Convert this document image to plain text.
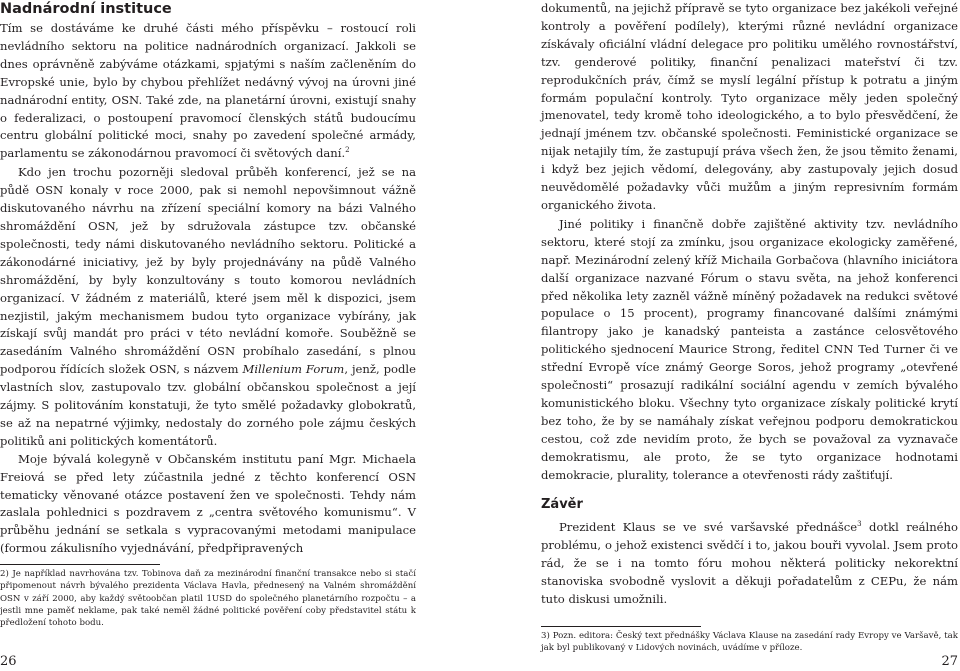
Nadnárodní instituce

Tím se dostáváme ke druhé části mého příspěvku – rostoucí roli nevládního sektoru na politice nadnárodních organizací. Jakkoli se dnes oprávněně zabýváme otázkami, spjatými s naším začleněním do Evropské unie, bylo by chybou přehlížet nedávný vývoj na úrovni jiné nadnárodní entity, OSN. Také zde, na planetární úrovni, existují snahy o federalizaci, o postoupení pravomocí členských států budoucímu centru globální politické moci, snahy po zavedení společné armády, parlamentu se zákonodárnou pravomocí či světových daní.$^2$

Kdo jen trochu pozorněji sledoval průběh konferencí, jež se na půdě OSN konaly v roce 2000, pak si nemohl nepovšimnout vážně diskutovaného návrhu na zřízení speciální komory na bázi Valného shromáždění OSN, jež by sdružovala zástupce tzv. občanské společnosti, tedy námi diskutovaného nevládního sektoru. Politické a zákonodárné iniciativy, jež by byly projednávány na půdě Valného shromáždění, by byly konzultovány s touto komorou nevládních organizací. V žádném z materiálů, které jsem měl k dispozici, jsem nezjistil, jakým mechanismem budou tyto organizace vybírány, jak získají svůj mandát pro práci v této nevládní komoře. Souběžně se zasedáním Valného shromáždění OSN probíhalo zasedání, s plnou podporou řídících složek OSN, s názvem Millenium Forum, jenž, podle vlastních slov, zastupovalo tzv. globální občanskou společnost a její zájmy. S politováním konstatuji, že tyto smělé požadavky globokratů, se až na nepatrné výjimky, nedostaly do zorného pole zájmu českých politiků ani politických komentátorů.

Moje bývalá kolegyně v Občanském institutu paní Mgr. Michaela Freiová se před lety zúčastnila jedné z těchto konferencí OSN tematicky věnované otázce postavení žen ve společnosti. Tehdy nám zaslala pohlednici s pozdravem z „centra světového komunismu“. V průběhu jednání se setkala s vypracovanými metodami manipulace (formou zákulisního vyjednávání, předpřipravených

2) Je například navrhována tzv. Tobinova daň za mezinárodní finanční transakce nebo si stačí připomenout návrh bývalého prezidenta Václava Havla, přednesený na Valném shromáždění OSN v září 2000, aby každý světoobčan platil 1USD do společného planetárního rozpočtu – a jestli mne paměť neklame, pak také neměl žádné politické pověření coby představitel státu k předložení tohoto bodu.

dokumentů, na jejichž přípravě se tyto organizace bez jakékoli veřejné kontroly a pověření podílely), kterými různé nevládní organizace získávaly oficiální vládní delegace pro politiku umělého rovnostářství, tzv. genderové politiky, finanční penalizaci mateřství či tzv. reprodukčních práv, čímž se myslí legální přístup k potratu a jiným formám populační kontroly. Tyto organizace měly jeden společný jmenovatel, tedy kromě toho ideologického, a to bylo přesvědčení, že jednají jménem tzv. občanské společnosti. Feministické organizace se nijak netajily tím, že zastupují práva všech žen, že jsou těmito ženami, i když bez jejich vědomí, delegovány, aby zastupovaly jejich dosud neuvědomělé požadavky vůči mužům a jiným represivním formám organického života.

Jiné politiky i finančně dobře zajištěné aktivity tzv. nevládního sektoru, které stojí za zmínku, jsou organizace ekologicky zaměřené, např. Mezinárodní zelený kříž Michaila Gorbačova (hlavního iniciátora další organizace nazvané Fórum o stavu světa, na jehož konferenci před několika lety zazněl vážně míněný požadavek na redukci světové populace o 15 procent), programy financované dalšími známými filantropy jako je kanadský panteista a zastánce celosvětového politického sjednocení Maurice Strong, ředitel CNN Ted Turner či ve střední Evropě více známý George Soros, jehož programy „otevřené společnosti“ prosazují radikální sociální agendu v zemích bývalého komunistického bloku. Všechny tyto organizace získaly politické krytí bez toho, že by se namáhaly získat veřejnou podporu demokratickou cestou, což zde nevidím proto, že bych se považoval za vyznavače demokratismu, ale proto, že se tyto organizace hodnotami demokracie, plurality, tolerance a otevřenosti rády zaštiťují.

Závěr

Prezident Klaus se ve své varšavské přednášce$^3$ dotkl reálného problému, o jehož existenci svědčí i to, jakou bouři vyvolal. Jsem proto rád, že se i na tomto fóru mohou některá politicky nekorektní stanoviska svobodně vyslovit a děkuji pořadatelům z CEPu, že nám tuto diskusi umožnili.

3) Pozn. editora: Český text přednášky Václava Klause na zasedání rady Evropy ve Varšavě, tak jak byl publikovaný v Lidových novinách, uvádíme v příloze.

26	27
